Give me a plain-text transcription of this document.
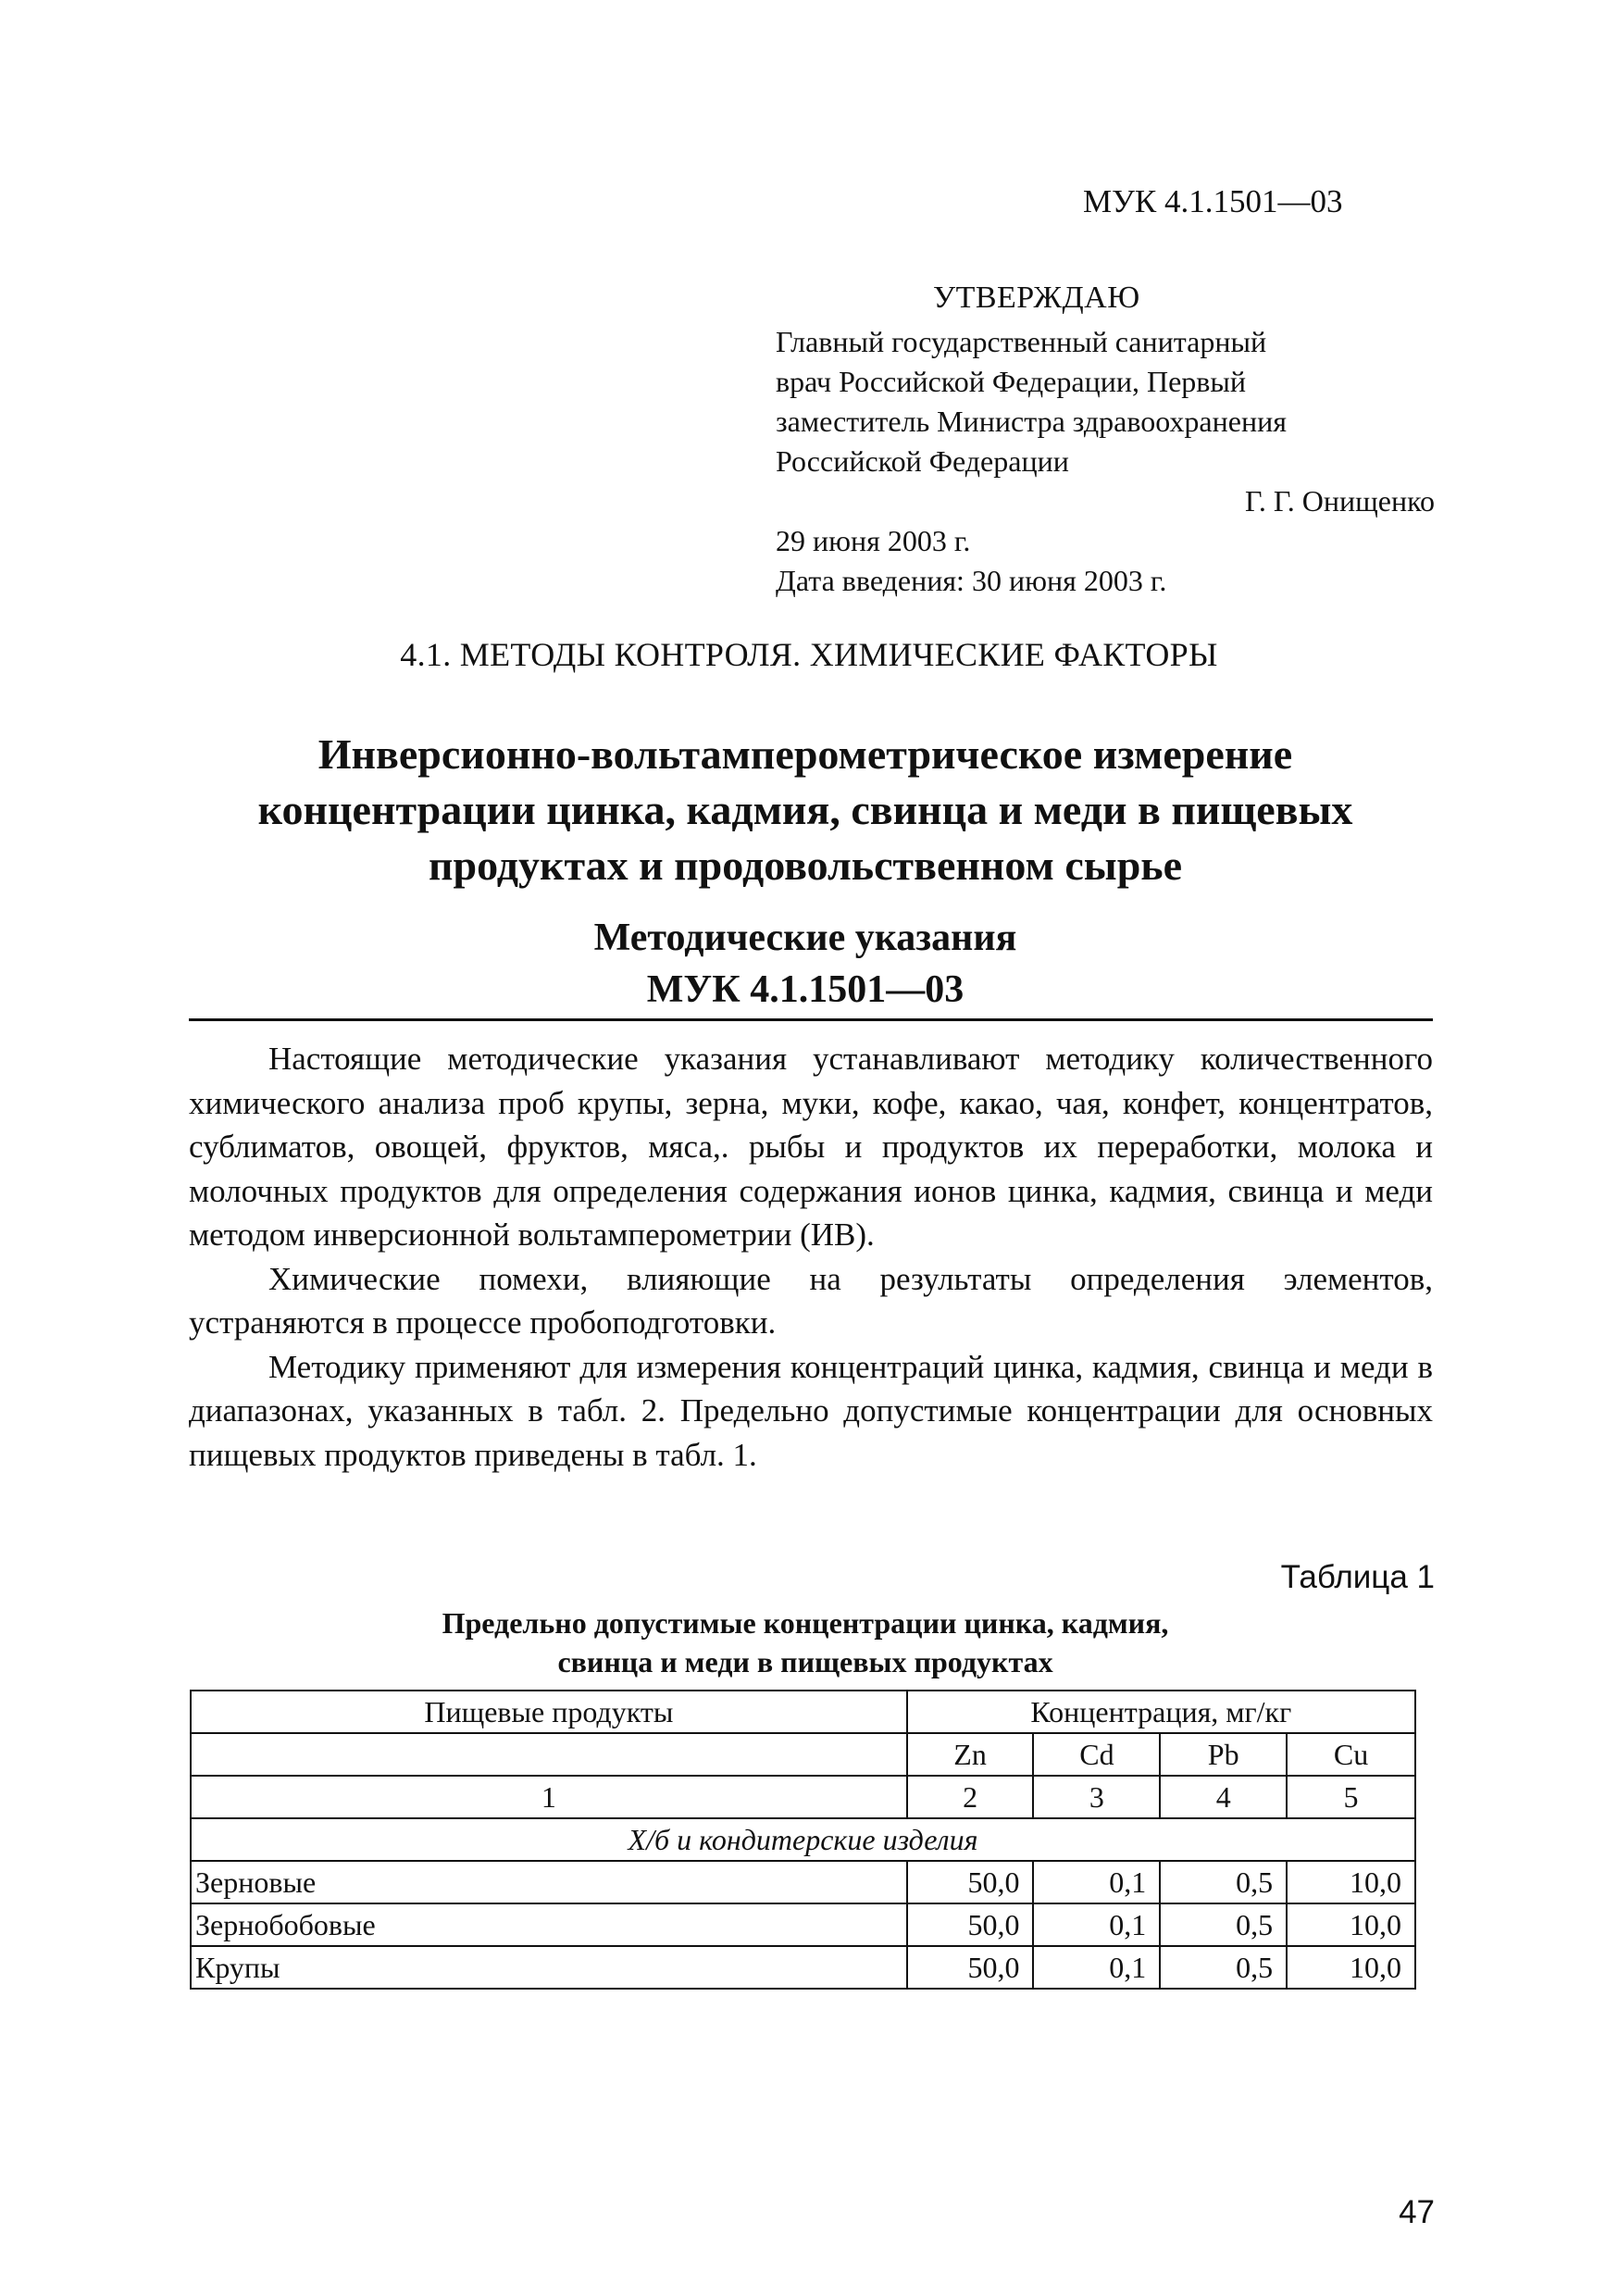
МУК 4.1.1501—03
УТВЕРЖДАЮ
Главный государственный санитарный
врач Российской Федерации, Первый
заместитель Министра здравоохранения
Российской Федерации
Г. Г. Онищенко
29 июня 2003 г.
Дата введения: 30 июня 2003 г.
4.1. МЕТОДЫ КОНТРОЛЯ. ХИМИЧЕСКИЕ ФАКТОРЫ
Инверсионно-вольтамперометрическое измерение
концентрации цинка, кадмия, свинца и меди в пищевых
продуктах и продовольственном сырье
Методические указания
МУК 4.1.1501—03

Настоящие методические указания устанавливают методику количественного химического анализа проб крупы, зерна, муки, кофе, какао, чая, конфет, концентратов, сублиматов, овощей, фруктов, мяса,. рыбы и продуктов их переработки, молока и молочных продуктов для определения содержания ионов цинка, кадмия, свинца и меди методом инверсионной вольтамперометрии (ИВ).

Химические помехи, влияющие на результаты определения элементов, устраняются в процессе пробоподготовки.

Методику применяют для измерения концентраций цинка, кадмия, свинца и меди в диапазонах, указанных в табл. 2. Предельно допустимые концентрации для основных пищевых продуктов приведены в табл. 1.

Таблица 1
Предельно допустимые концентрации цинка, кадмия,
свинца и меди в пищевых продуктах
Пищевые продукты	Концентрация, мг/кг			
	Zn	Cd	Pb	Cu
1	2	3	4	5
Х/б и кондитерские изделия				
Зерновые	50,0	0,1	0,5	10,0
Зернобобовые	50,0	0,1	0,5	10,0
Крупы	50,0	0,1	0,5	10,0
47
